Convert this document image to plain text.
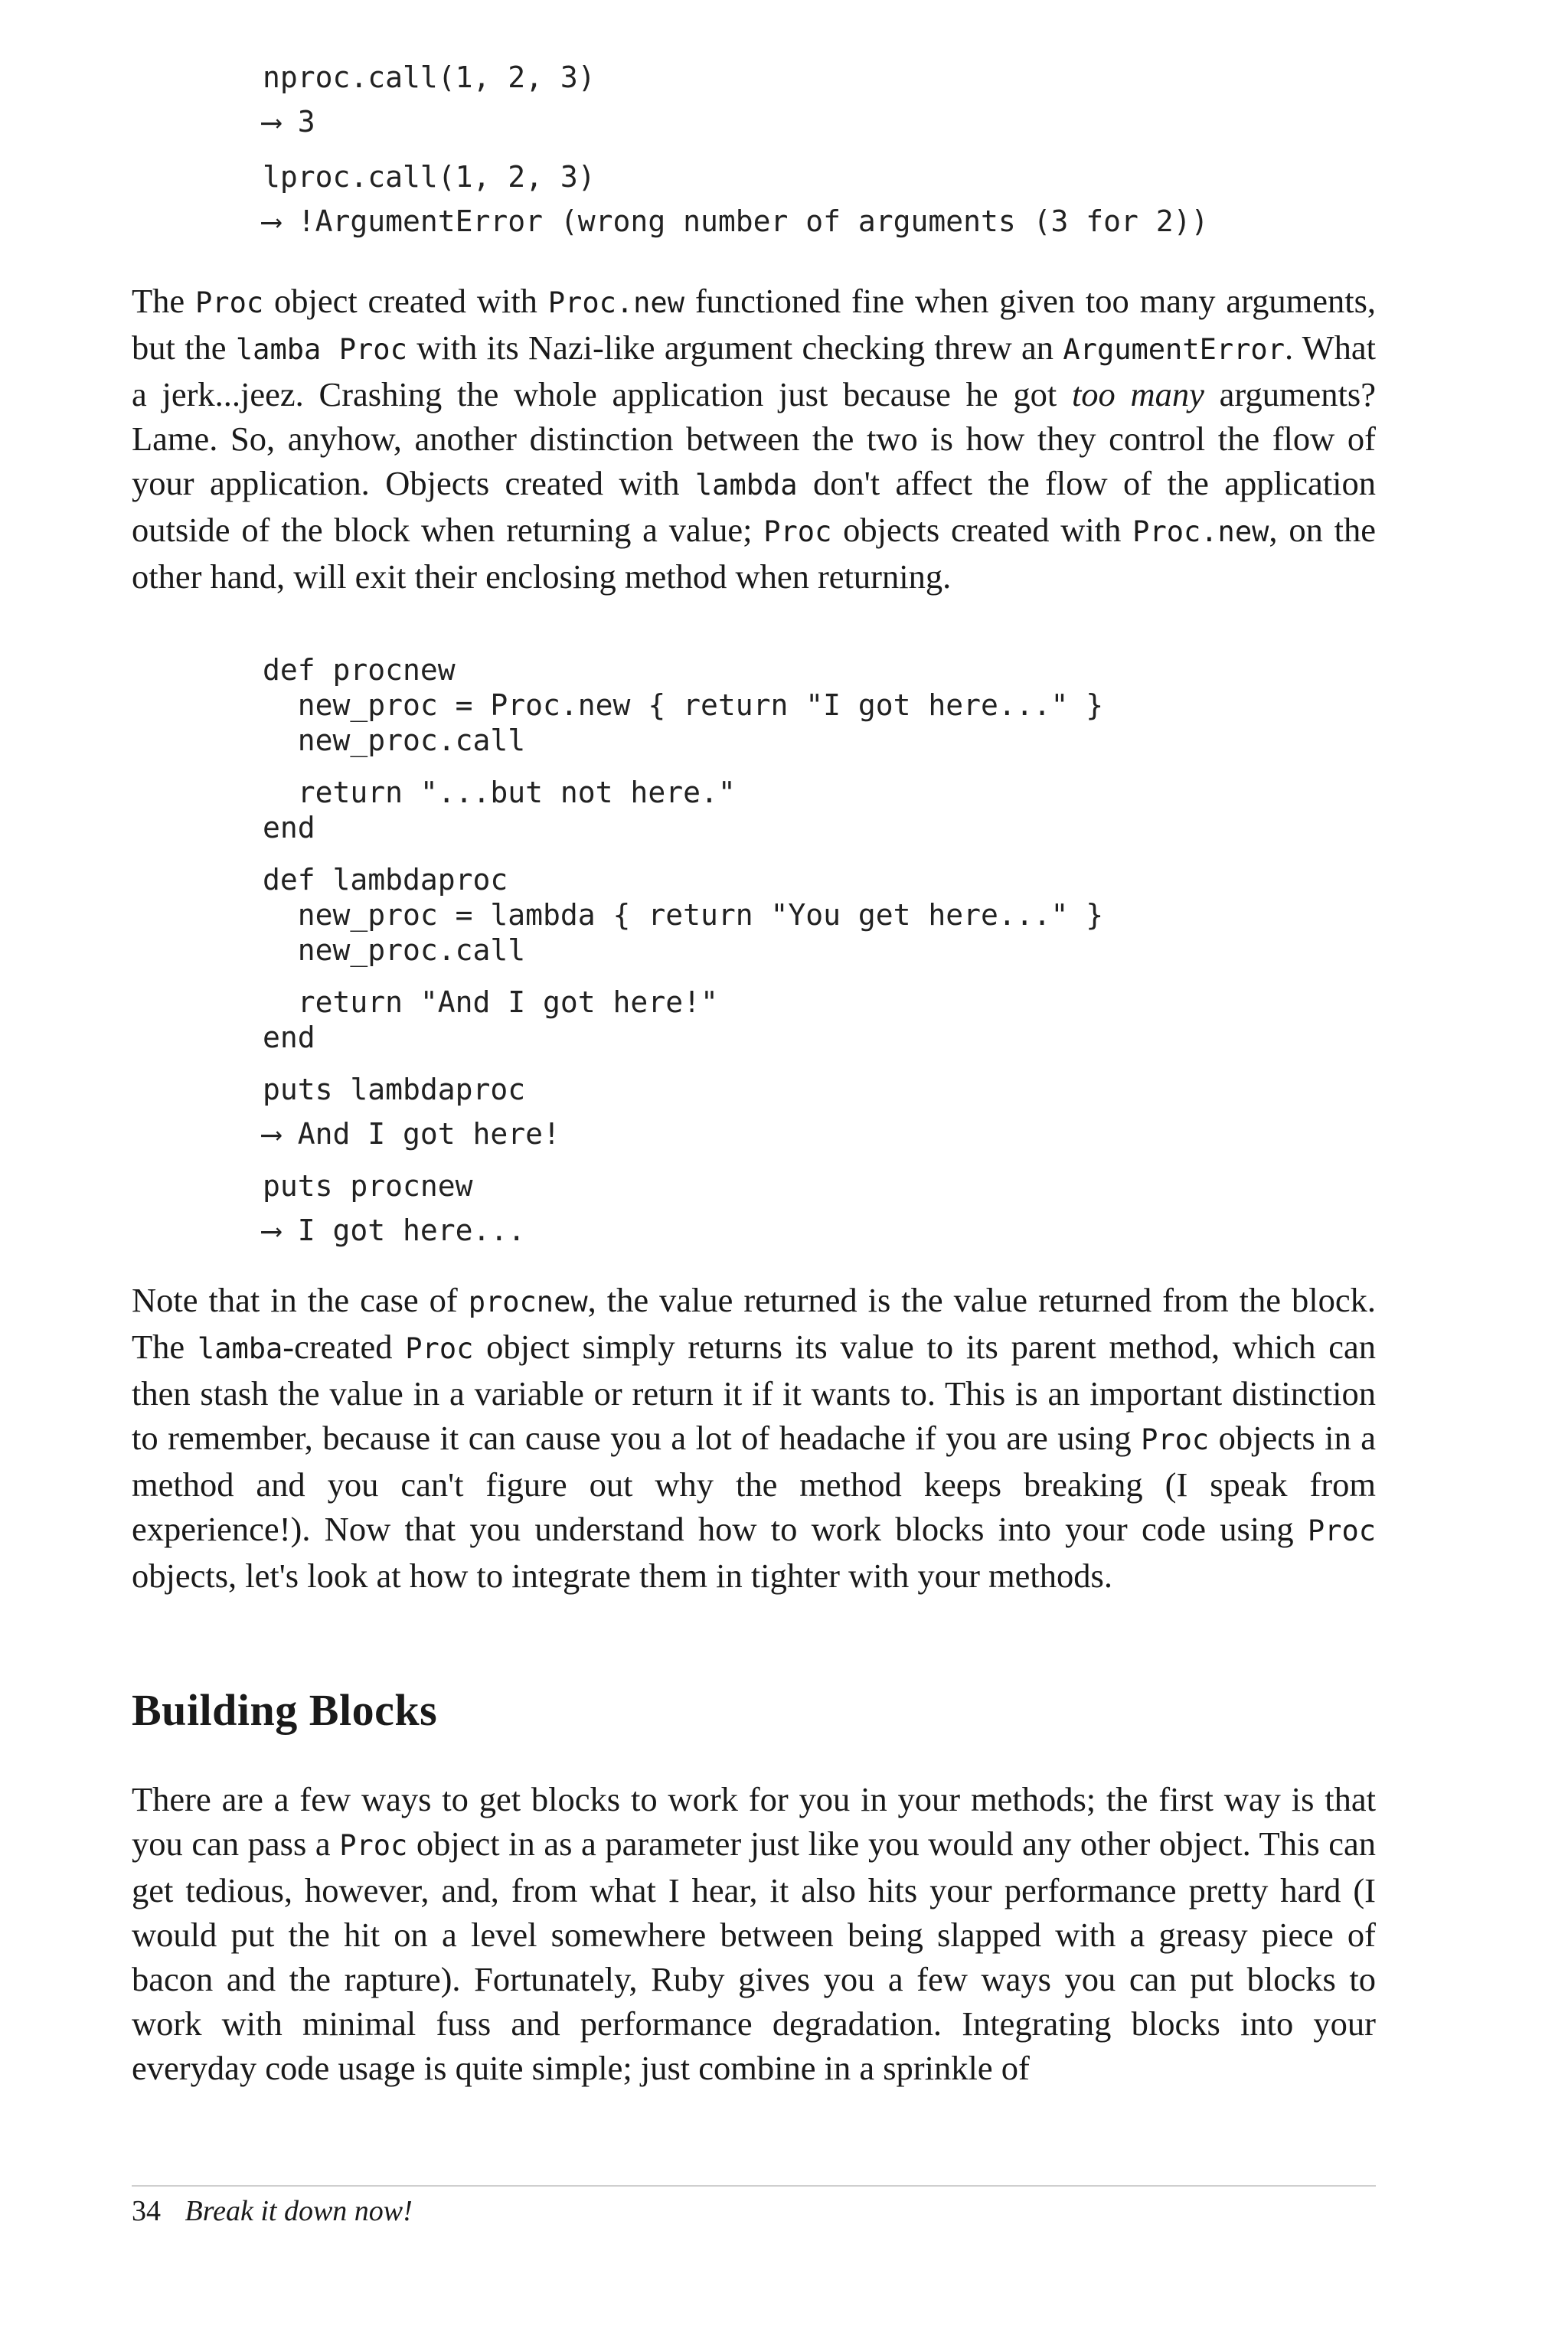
nproc.call(1, 2, 3)
⟶ 3
lproc.call(1, 2, 3)
⟶ !ArgumentError (wrong number of arguments (3 for 2))
The Proc object created with Proc.new functioned fine when given too many arguments, but the lamba Proc with its Nazi-like argument checking threw an ArgumentError. What a jerk...jeez. Crashing the whole application just because he got too many arguments? Lame. So, anyhow, another distinction between the two is how they control the flow of your application. Objects created with lambda don't affect the flow of the application outside of the block when returning a value; Proc objects created with Proc.new, on the other hand, will exit their enclosing method when returning.
def procnew
new_proc = Proc.new { return "I got here..." }
new_proc.call
return "...but not here."
end
def lambdaproc
new_proc = lambda { return "You get here..." }
new_proc.call
return "And I got here!"
end
puts lambdaproc
⟶ And I got here!
puts procnew
⟶ I got here...
Note that in the case of procnew, the value returned is the value returned from the block. The lamba-created Proc object simply returns its value to its parent method, which can then stash the value in a variable or return it if it wants to. This is an important distinction to remember, because it can cause you a lot of headache if you are using Proc objects in a method and you can't figure out why the method keeps breaking (I speak from experience!). Now that you understand how to work blocks into your code using Proc objects, let's look at how to integrate them in tighter with your methods.
Building Blocks
There are a few ways to get blocks to work for you in your methods; the first way is that you can pass a Proc object in as a parameter just like you would any other object. This can get tedious, however, and, from what I hear, it also hits your performance pretty hard (I would put the hit on a level somewhere between being slapped with a greasy piece of bacon and the rapture). Fortunately, Ruby gives you a few ways you can put blocks to work with minimal fuss and performance degradation. Integrating blocks into your everyday code usage is quite simple; just combine in a sprinkle of
34 Break it down now!
